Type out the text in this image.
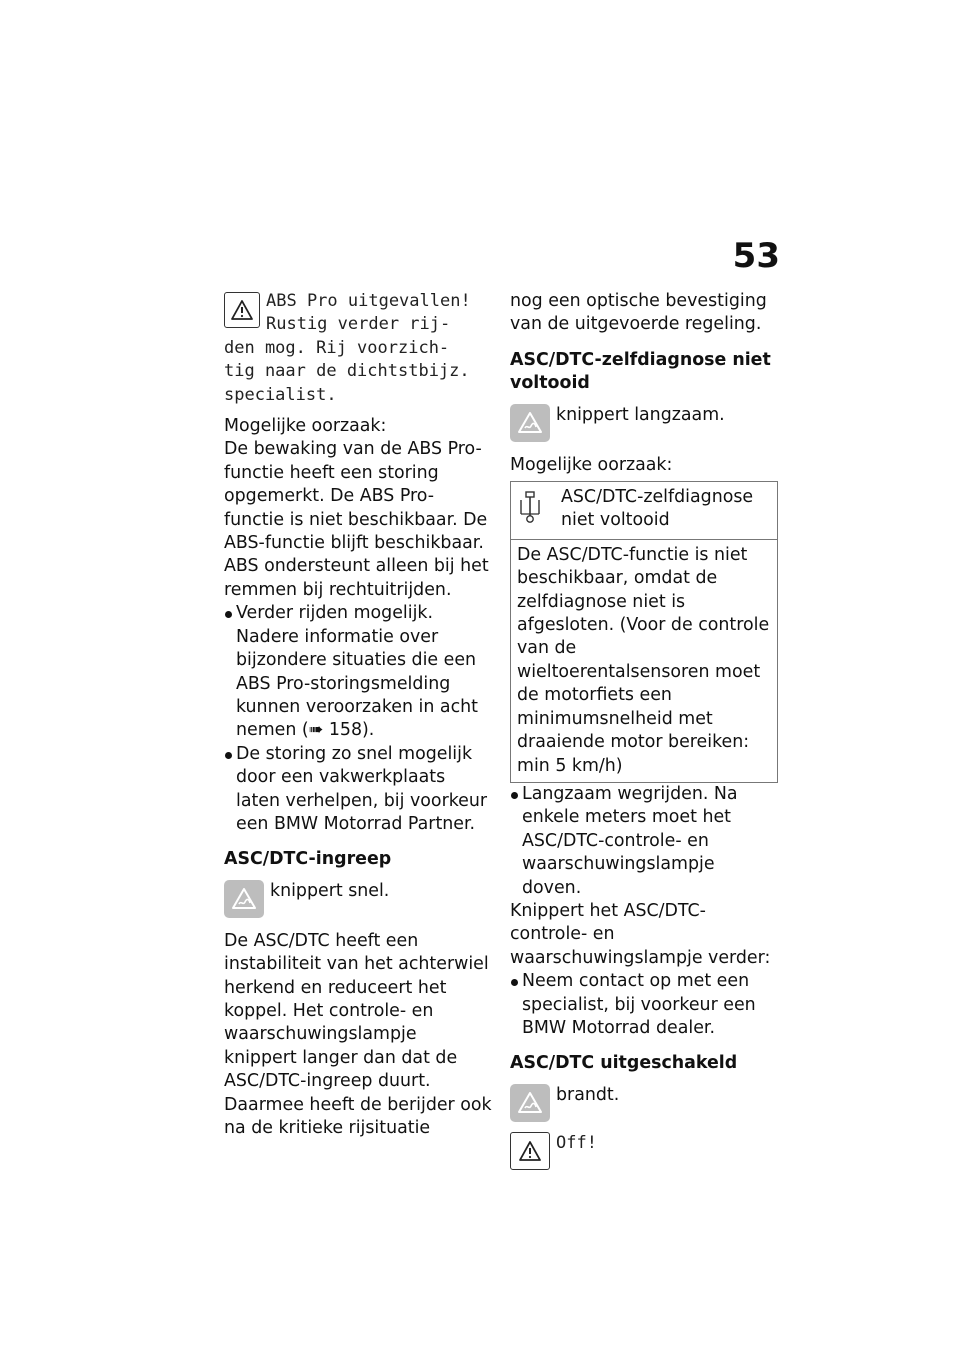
53
ABS Pro uitgevallen!
Rustig verder rij-
den mog. Rij voorzich-
tig naar de dichtstbijz.
specialist.

Mogelijke oorzaak:

De bewaking van de ABS Pro-functie heeft een storing opgemerkt. De ABS Pro-functie is niet beschikbaar. De ABS-functie blijft beschikbaar. ABS ondersteunt alleen bij het remmen bij rechtuitrijden.

Verder rijden mogelijk. Nadere informatie over bijzondere situaties die een ABS Pro-storingsmelding kunnen veroorzaken in acht nemen (➠ 158).
De storing zo snel mogelijk door een vakwerkplaats laten verhelpen, bij voorkeur een BMW Motorrad Partner.

ASC/DTC-ingreep

knippert snel.

De ASC/DTC heeft een instabiliteit van het achterwiel herkend en reduceert het koppel. Het controle- en waarschuwingslampje knippert langer dan dat de ASC/DTC-ingreep duurt. Daarmee heeft de berijder ook na de kritieke rijsituatie

nog een optische bevestiging van de uitgevoerde regeling.

ASC/DTC-zelfdiagnose niet voltooid

knippert langzaam.

Mogelijke oorzaak:

ASC/DTC-zelfdiagnose niet voltooid
De ASC/DTC-functie is niet beschikbaar, omdat de zelfdiagnose niet is afgesloten. (Voor de controle van de wieltoerentalsensoren moet de motorfiets een minimumsnelheid met draaiende motor bereiken: min 5 km/h)
Langzaam wegrijden. Na enkele meters moet het ASC/DTC-controle- en waarschuwingslampje doven.

Knippert het ASC/DTC-controle- en waarschuwingslampje verder:

Neem contact op met een specialist, bij voorkeur een BMW Motorrad dealer.

ASC/DTC uitgeschakeld

brandt.
Off!
